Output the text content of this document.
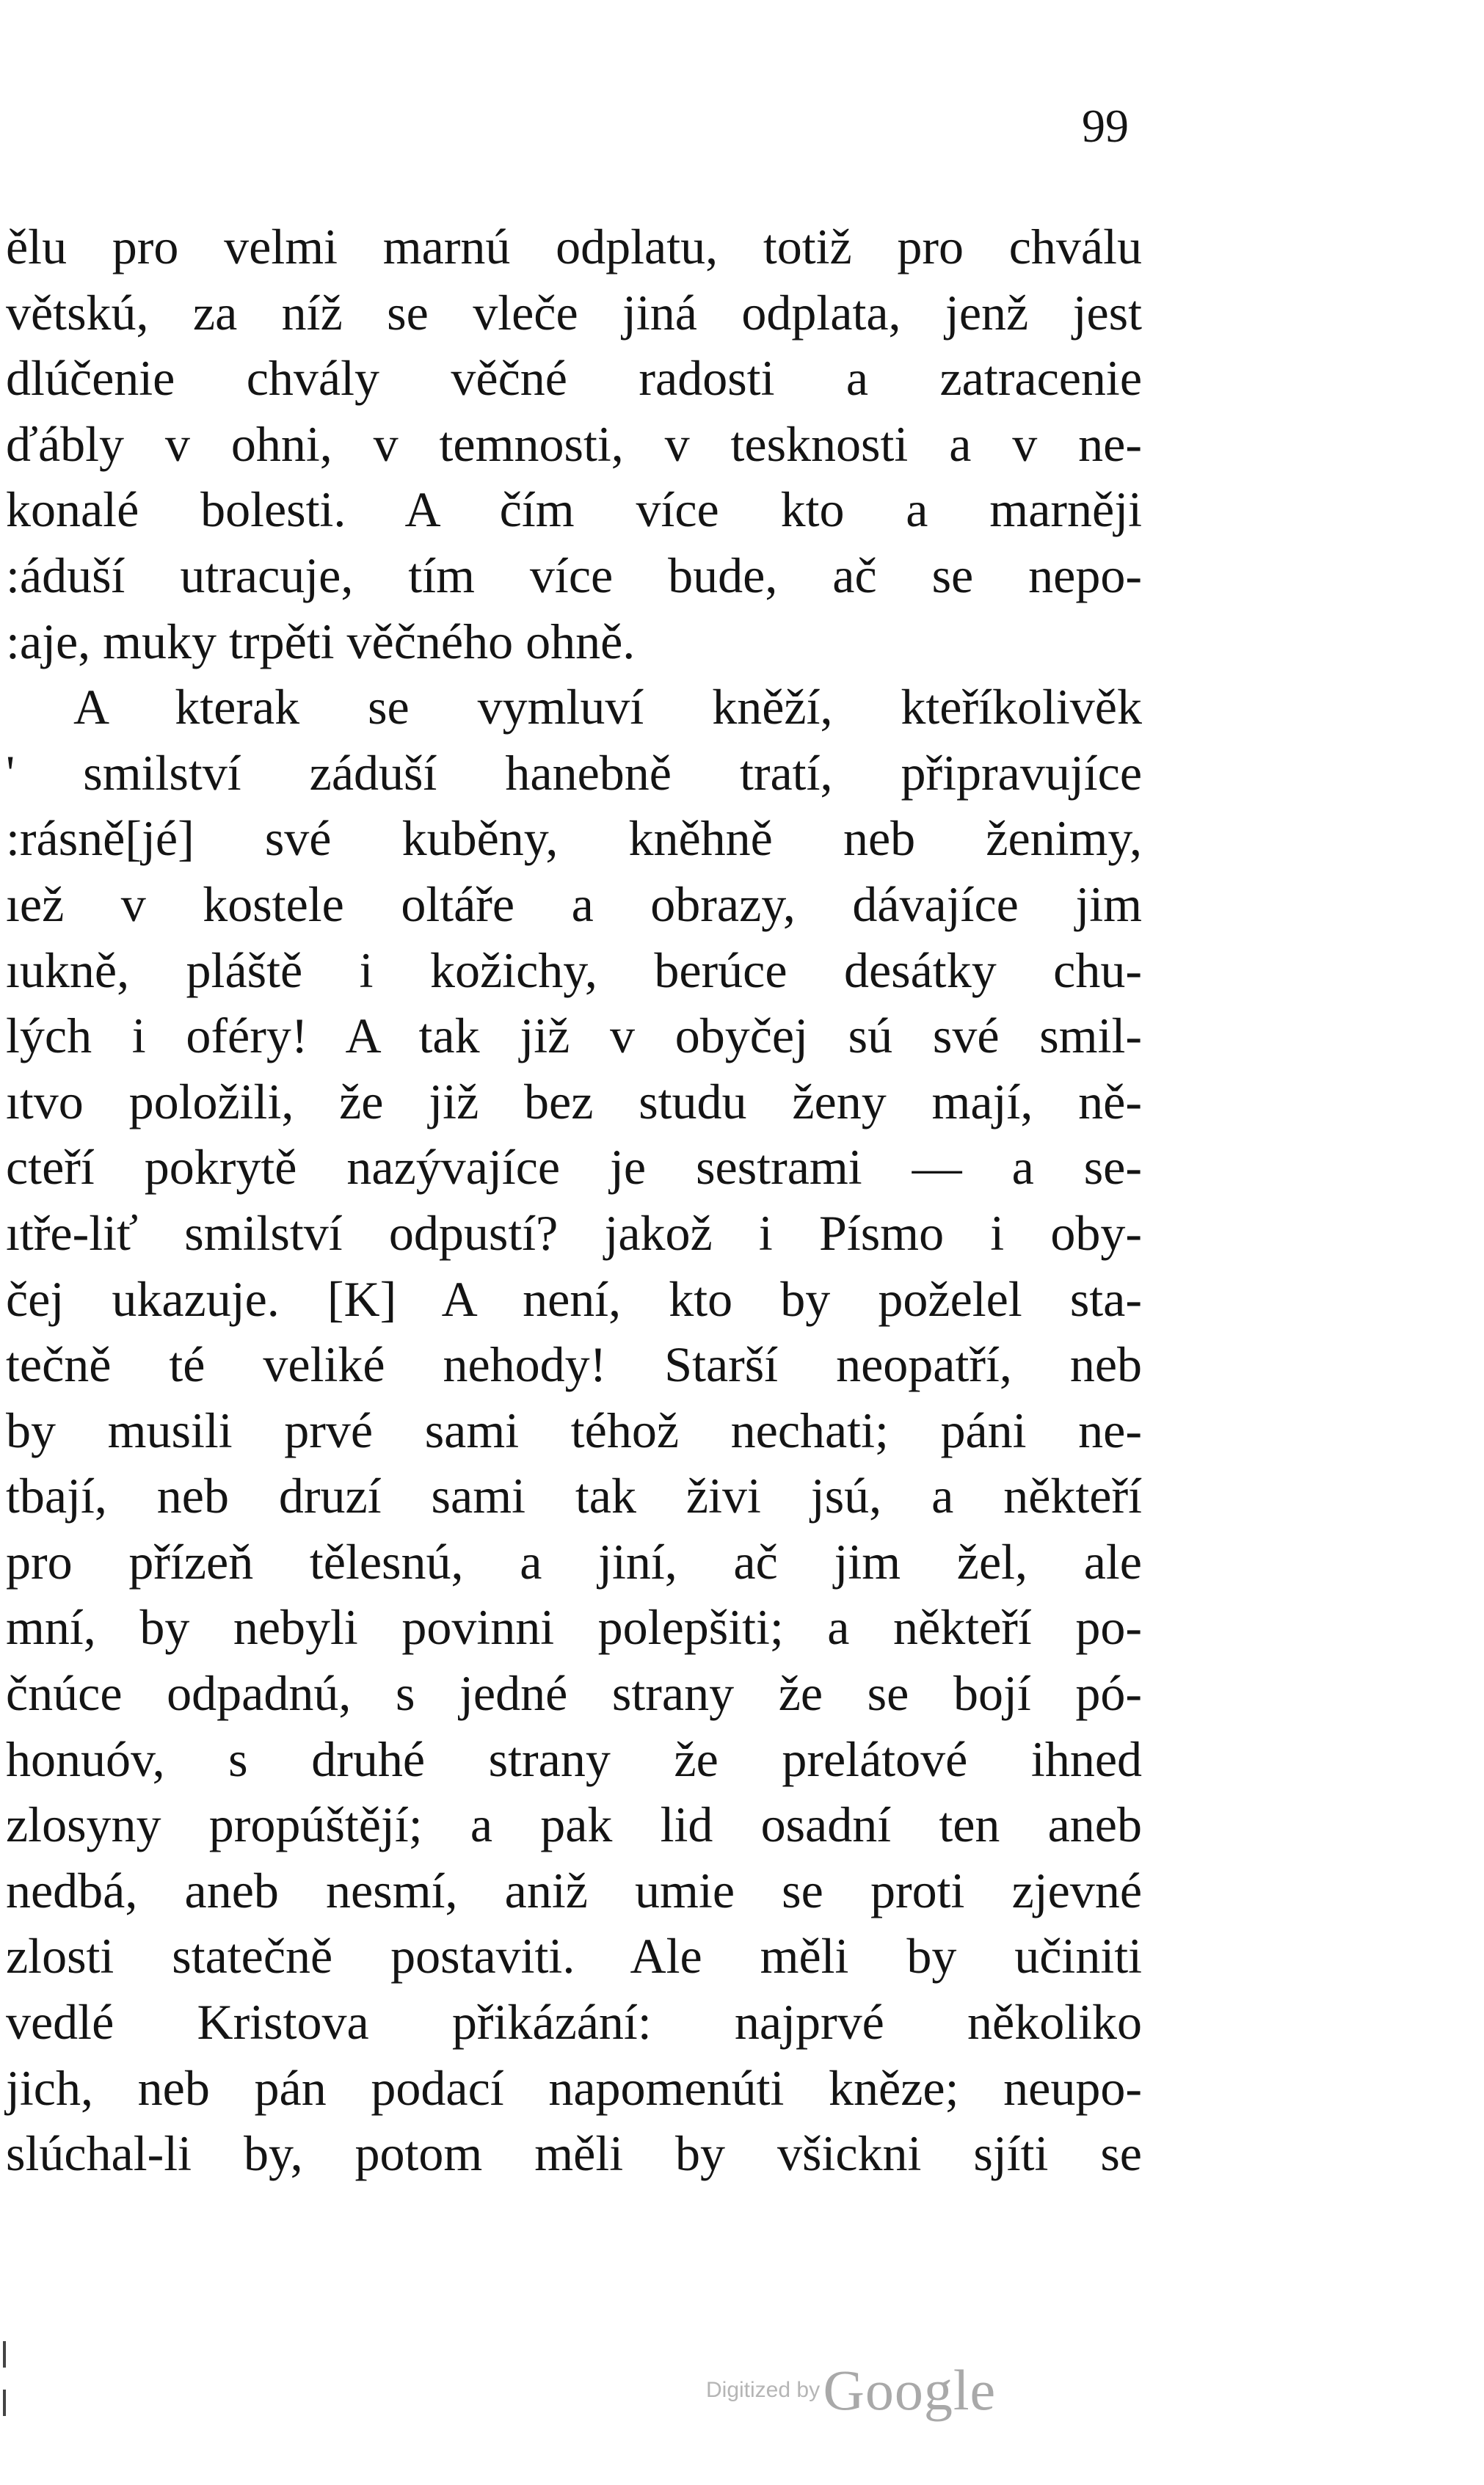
99
ělu pro velmi marnú odplatu, totiž pro chválu
větskú, za níž se vleče jiná odplata, jenž jest
dlúčenie chvály věčné radosti a zatracenie
ďábly v ohni, v temnosti, v tesknosti a v ne-
konalé bolesti. A čím více kto a marněji
:áduší utracuje, tím více bude, ač se nepo-
:aje, muky trpěti věčného ohně.
A kterak se vymluví kněží, kteříkolivěk
' smilství záduší hanebně tratí, připravujíce
:rásně[jé] své kuběny, kněhně neb ženimy,
ıež v kostele oltáře a obrazy, dávajíce jim
ıukně, pláště i kožichy, berúce desátky chu-
lých i oféry! A tak již v obyčej sú své smil-
ıtvo položili, že již bez studu ženy mají, ně-
cteří pokrytě nazývajíce je sestrami — a se-
ıtře-liť smilství odpustí? jakož i Písmo i oby-
čej ukazuje. [K] A není, kto by poželel sta-
tečně té veliké nehody! Starší neopatří, neb
by musili prvé sami téhož nechati; páni ne-
tbají, neb druzí sami tak živi jsú, a někteří
pro přízeň tělesnú, a jiní, ač jim žel, ale
mní, by nebyli povinni polepšiti; a někteří po-
čnúce odpadnú, s jedné strany že se bojí pó-
honuóv, s druhé strany že prelátové ihned
zlosyny propúštějí; a pak lid osadní ten aneb
nedbá, aneb nesmí, aniž umie se proti zjevné
zlosti statečně postaviti. Ale měli by učiniti
vedlé Kristova přikázání: najprvé několiko
jich, neb pán podací napomenúti kněze; neupo-
slúchal-li by, potom měli by všickni sjíti se
Digitized by Google
